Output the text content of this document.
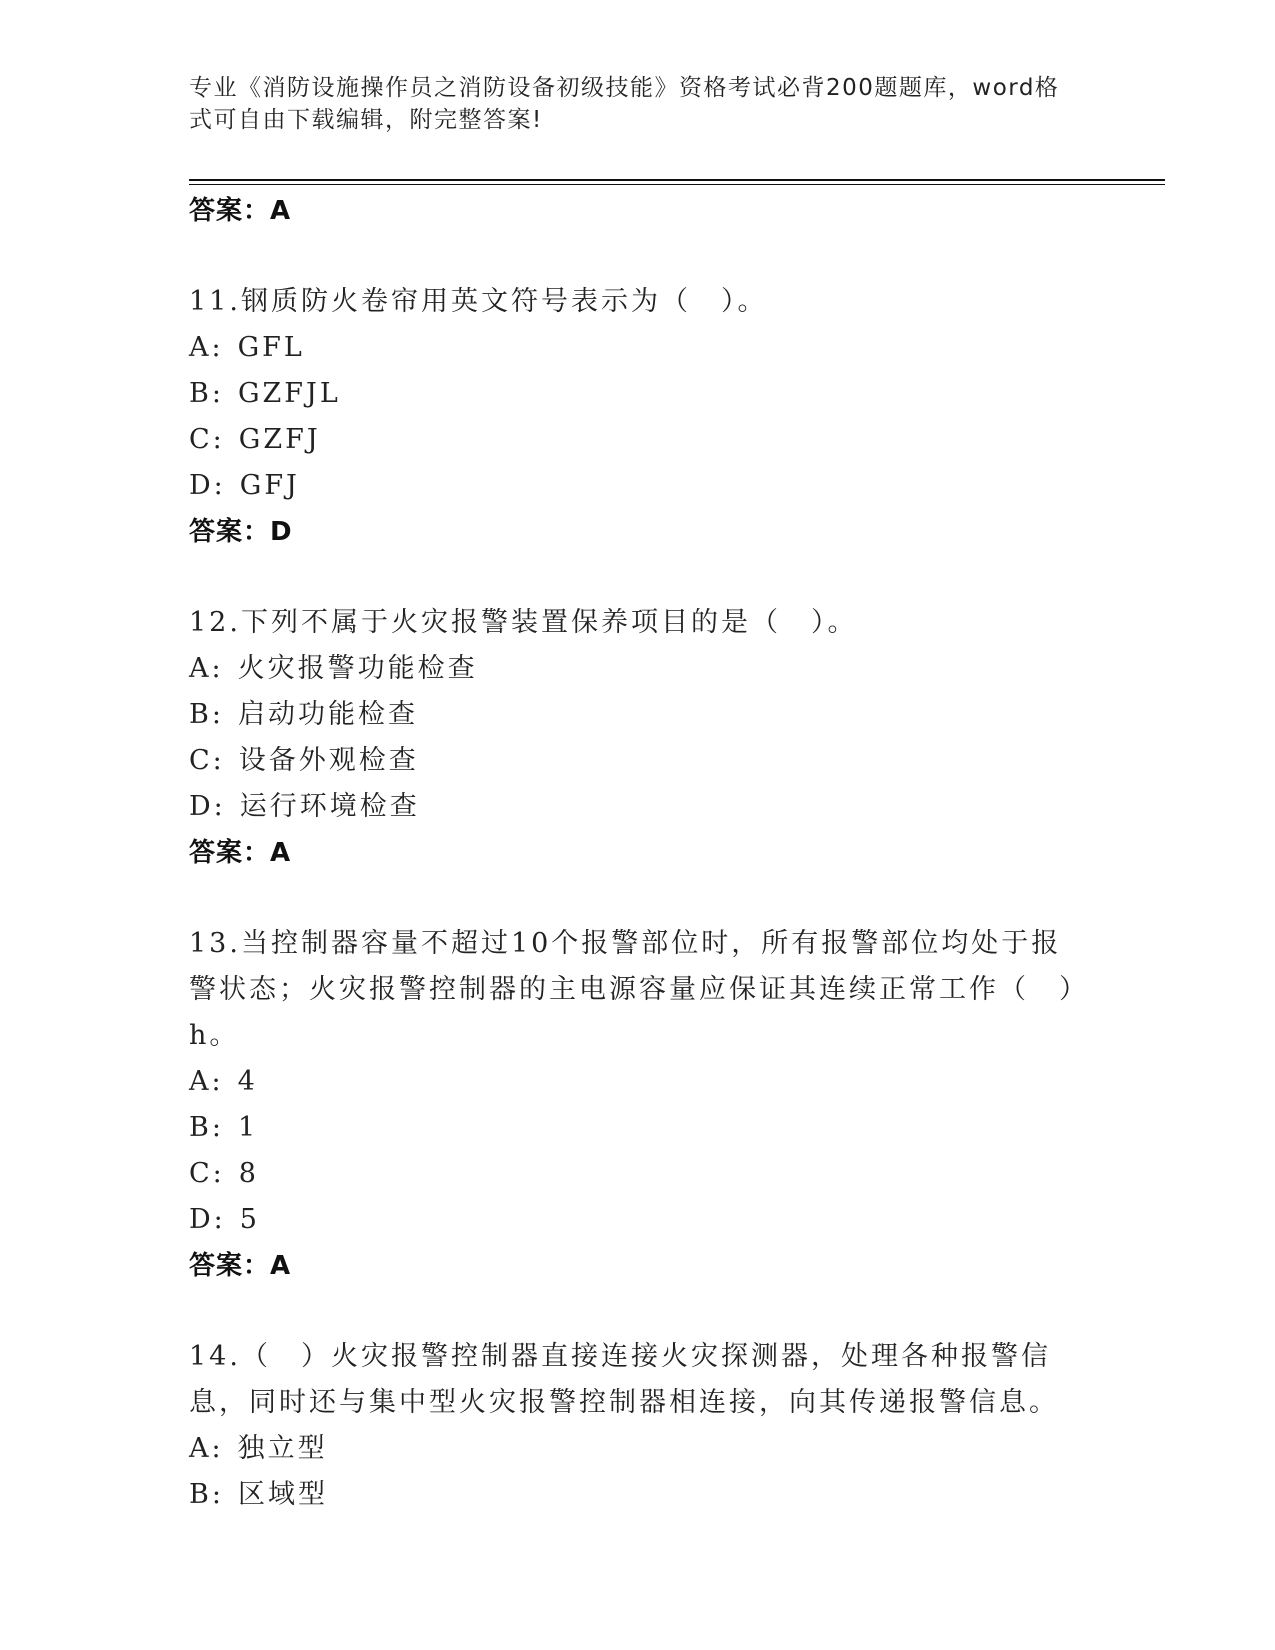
专业《消防设施操作员之消防设备初级技能》资格考试必背200题题库，word格式可自由下载编辑，附完整答案!
答案：A
11.钢质防火卷帘用英文符号表示为（　）。
A: GFL
B: GZFJL
C: GZFJ
D: GFJ
答案：D
12.下列不属于火灾报警装置保养项目的是（　）。
A: 火灾报警功能检查
B: 启动功能检查
C: 设备外观检查
D: 运行环境检查
答案：A
13.当控制器容量不超过10个报警部位时，所有报警部位均处于报警状态；火灾报警控制器的主电源容量应保证其连续正常工作（　）h。
A: 4
B: 1
C: 8
D: 5
答案：A
14.（　）火灾报警控制器直接连接火灾探测器，处理各种报警信息，同时还与集中型火灾报警控制器相连接，向其传递报警信息。
A: 独立型
B: 区域型
